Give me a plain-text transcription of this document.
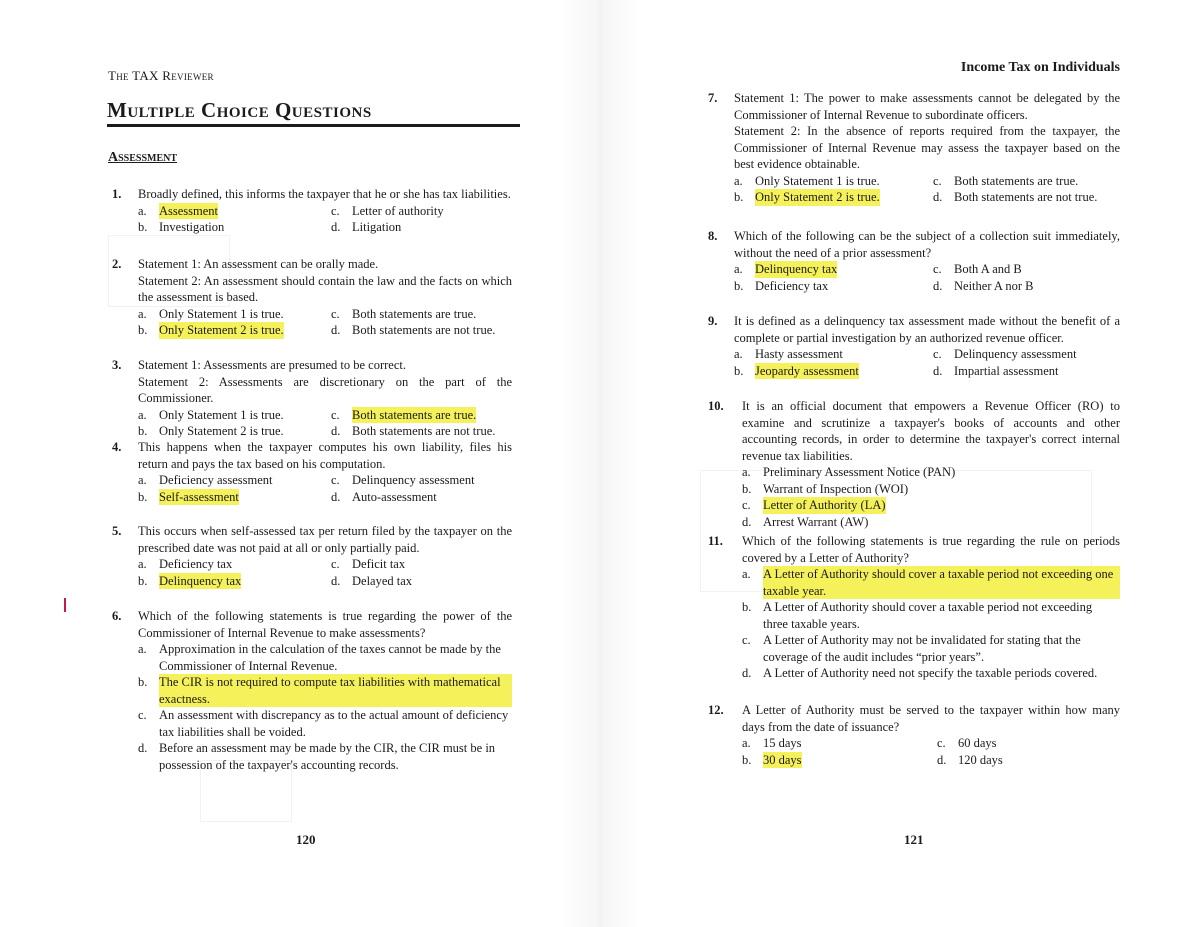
The TAX Reviewer
Multiple Choice Questions
Assessment
1. Broadly defined, this informs the taxpayer that he or she has tax liabilities.
a. Assessment	c. Letter of authority
b. Investigation	d. Litigation
2. Statement 1: An assessment can be orally made.
Statement 2: An assessment should contain the law and the facts on which the assessment is based.
a. Only Statement 1 is true.	c. Both statements are true.
b. Only Statement 2 is true.	d. Both statements are not true.
3. Statement 1: Assessments are presumed to be correct.
Statement 2: Assessments are discretionary on the part of the Commissioner.
a. Only Statement 1 is true.	c. Both statements are true.
b. Only Statement 2 is true.	d. Both statements are not true.
4. This happens when the taxpayer computes his own liability, files his return and pays the tax based on his computation.
a. Deficiency assessment	c. Delinquency assessment
b. Self-assessment	d. Auto-assessment
5. This occurs when self-assessed tax per return filed by the taxpayer on the prescribed date was not paid at all or only partially paid.
a. Deficiency tax	c. Deficit tax
b. Delinquency tax	d. Delayed tax
6. Which of the following statements is true regarding the power of the Commissioner of Internal Revenue to make assessments?
a. Approximation in the calculation of the taxes cannot be made by the Commissioner of Internal Revenue.
b. The CIR is not required to compute tax liabilities with mathematical exactness.
c. An assessment with discrepancy as to the actual amount of deficiency tax liabilities shall be voided.
d. Before an assessment may be made by the CIR, the CIR must be in possession of the taxpayer's accounting records.
120
Income Tax on Individuals
7. Statement 1: The power to make assessments cannot be delegated by the Commissioner of Internal Revenue to subordinate officers.
Statement 2: In the absence of reports required from the taxpayer, the Commissioner of Internal Revenue may assess the taxpayer based on the best evidence obtainable.
a. Only Statement 1 is true.	c. Both statements are true.
b. Only Statement 2 is true.	d. Both statements are not true.
8. Which of the following can be the subject of a collection suit immediately, without the need of a prior assessment?
a. Delinquency tax	c. Both A and B
b. Deficiency tax	d. Neither A nor B
9. It is defined as a delinquency tax assessment made without the benefit of a complete or partial investigation by an authorized revenue officer.
a. Hasty assessment	c. Delinquency assessment
b. Jeopardy assessment	d. Impartial assessment
10. It is an official document that empowers a Revenue Officer (RO) to examine and scrutinize a taxpayer's books of accounts and other accounting records, in order to determine the taxpayer's correct internal revenue tax liabilities.
a. Preliminary Assessment Notice (PAN)
b. Warrant of Inspection (WOI)
c. Letter of Authority (LA)
d. Arrest Warrant (AW)
11. Which of the following statements is true regarding the rule on periods covered by a Letter of Authority?
a. A Letter of Authority should cover a taxable period not exceeding one taxable year.
b. A Letter of Authority should cover a taxable period not exceeding three taxable years.
c. A Letter of Authority may not be invalidated for stating that the coverage of the audit includes “prior years”.
d. A Letter of Authority need not specify the taxable periods covered.
12. A Letter of Authority must be served to the taxpayer within how many days from the date of issuance?
a. 15 days	c. 60 days
b. 30 days	d. 120 days
121
